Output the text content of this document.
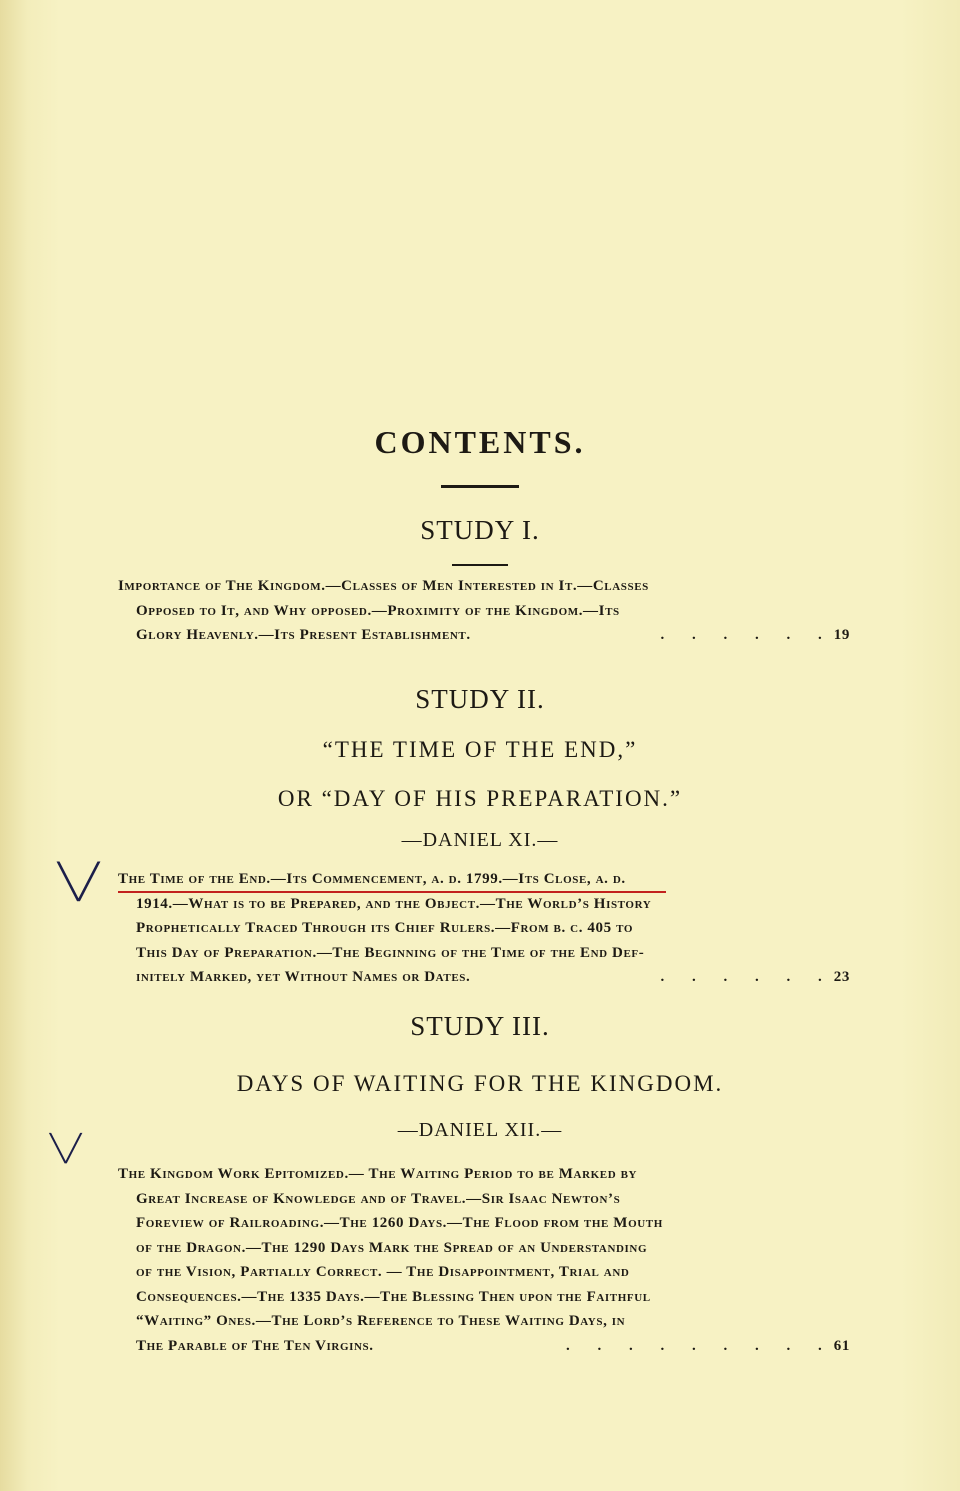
CONTENTS.
STUDY I.
Importance of The Kingdom.—Classes of Men Interested in It.—Classes
Opposed to It, and Why opposed.—Proximity of the Kingdom.—Its
Glory Heavenly.—Its Present Establishment.	. . . . . .19
STUDY II.
“THE TIME OF THE END,”
OR “DAY OF HIS PREPARATION.”
—DANIEL XI.—
╲╱ The Time of the End.—Its Commencement, a. d. 1799.—Its Close, a. d.
1914.—What is to be Prepared, and the Object.—The World’s History
Prophetically Traced Through its Chief Rulers.—From b. c. 405 to
This Day of Preparation.—The Beginning of the Time of the End Def-
initely Marked, yet Without Names or Dates.	. . . . . .23
STUDY III.
DAYS OF WAITING FOR THE KINGDOM.
—DANIEL XII.—
╲╱
The Kingdom Work Epitomized.— The Waiting Period to be Marked by
Great Increase of Knowledge and of Travel.—Sir Isaac Newton’s
Foreview of Railroading.—The 1260 Days.—The Flood from the Mouth
of the Dragon.—The 1290 Days Mark the Spread of an Understanding
of the Vision, Partially Correct. — The Disappointment, Trial and
Consequences.—The 1335 Days.—The Blessing Then upon the Faithful
“Waiting” Ones.—The Lord’s Reference to These Waiting Days, in
The Parable of The Ten Virgins.	. . . . . . . . .61
